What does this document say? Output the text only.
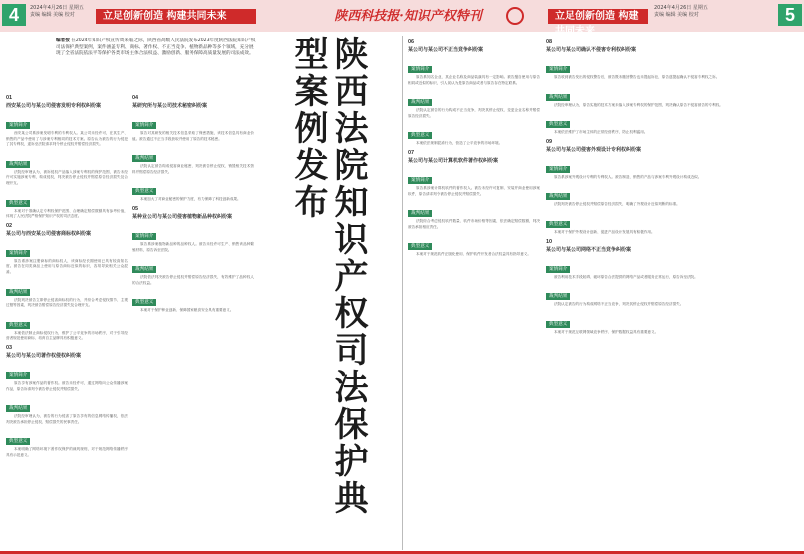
4	2024年4月26日 星期五
责编 编辑 美编 校对	立足创新创造 构建共同未来	陕西科技报·知识产权特刊	立足创新创造 构建共同未来
2024年4月26日 星期五
责编 编辑 美编 校对	5
编者按 在2024年知识产权宣传周来临之际，陕西省高级人民法院发布2023年度陕西法院知识产权司法保护典型案例，案件涵盖专利、商标、著作权、不正当竞争、植物新品种等多个领域，充分展现了全省法院依法平等保护各类市场主体合法权益、激励创新、服务保障高质量发展的司法成效。
01
西安某公司与某公司侵害发明专利权纠纷案
案情简介

西安某公司系涉案发明专利的专利权人。某公司未经许可，在其生产、销售的产品中使用了与涉案专利相同的技术方案。原告认为被告的行为侵犯了其专利权，遂诉至法院请求判令停止侵权并赔偿经济损失。

裁判结果

法院经审理认为，被诉侵权产品落入涉案专利权的保护范围，被告未经许可实施涉案专利，构成侵权，判决被告停止侵权并赔偿原告经济损失及合理开支。

典型意义

本案对于准确认定专利权保护范围、合理确定赔偿数额具有参考价值，体现了人民法院严格保护知识产权的司法态度。

02
某公司与西安某公司侵害商标权纠纷案
案情简介

原告系涉案注册商标的商标权人，该商标经长期使用已具有较高知名度。被告在同类商品上使用与原告商标近似的标识，容易导致相关公众混淆。

裁判结果

法院判决被告立即停止侵害商标权的行为，并综合考虑侵权情节、主观过错等因素，判决被告赔偿原告经济损失及合理开支。

典型意义

本案依法制止商标侵权行为，维护了公平竞争的市场秩序，对于引导经营者规范使用商标、培育自主品牌具有积极意义。

03
某公司与某公司著作权侵权纠纷案
案情简介

原告享有涉案作品的著作权。被告未经许可，通过网络向公众传播涉案作品，原告诉请判令被告停止侵权并赔偿损失。

裁判结果

法院经审理认为，被告的行为侵害了原告享有的信息网络传播权，依法判决被告承担停止侵权、赔偿损失的民事责任。

典型意义

本案明确了网络环境下著作权保护的裁判规则，对于规范网络传播秩序具有示范意义。

04
某研究所与某公司技术秘密纠纷案
案情简介

原告对其研发的相关技术信息采取了保密措施，该技术信息具有商业价值。被告通过不正当手段获取并使用了原告的技术秘密。

裁判结果

法院认定被告构成侵害商业秘密，判决被告停止侵权、销毁相关技术资料并赔偿原告经济损失。

典型意义

本案加大了对商业秘密的保护力度，有力保障了科技创新成果。

05
某种业公司与某公司侵害植物新品种权纠纷案
案情简介

原告系涉案植物新品种的品种权人。被告未经许可生产、销售该品种繁殖材料，原告诉至法院。

裁判结果

法院依法判决被告停止侵权并赔偿原告经济损失，有效维护了品种权人的合法权益。

典型意义

本案对于保护种业创新、保障国家粮食安全具有重要意义。	陕西法院知识产权司法保护典型案例发布	06
某公司与某公司不正当竞争纠纷案
案情简介

原告系知名企业，其企业名称及商品装潢具有一定影响。被告擅自使用与原告相同或近似的标识，引人误认为是原告商品或者与原告存在特定联系。

裁判结果

法院认定被告的行为构成不正当竞争，判决其停止侵权、变更企业名称并赔偿原告经济损失。

典型意义

本案依法规制混淆行为，营造了公平竞争的市场环境。

07
某公司与某公司计算机软件著作权纠纷案
案情简介

原告系涉案计算机软件的著作权人。被告未经许可复制、安装并商业使用涉案软件，原告请求判令被告停止侵权并赔偿损失。

裁判结果

法院综合考虑侵权软件数量、软件市场价格等因素，依法确定赔偿数额，判决被告承担相应责任。

典型意义

本案对于规范软件正版化使用、保护软件开发者合法权益具有指导意义。

08
某公司与某公司确认不侵害专利权纠纷案
案情简介

原告收到被告发出的侵权警告后，被告既未撤回警告也未提起诉讼，原告遂提起确认不侵害专利权之诉。

裁判结果

法院经审理认为，原告实施的技术方案未落入涉案专利权的保护范围，判决确认原告不侵害被告的专利权。

典型意义

本案依法维护了市场主体的正常经营秩序，防止权利滥用。

09
某公司与某公司侵害外观设计专利权纠纷案
案情简介

原告系涉案外观设计专利的专利权人。被告制造、销售的产品与涉案专利外观设计构成近似。

裁判结果

法院判决被告停止侵权并赔偿原告经济损失，明确了外观设计近似判断的标准。

典型意义

本案对于保护外观设计创新、促进产品设计发展具有积极作用。

10
某公司与某公司网络不正当竞争纠纷案
案情简介

被告利用技术手段妨碍、破坏原告合法提供的网络产品或者服务正常运行，原告诉至法院。

裁判结果

法院认定被告的行为构成网络不正当竞争，判决其停止侵权并赔偿原告经济损失。

典型意义

本案对于规范互联网领域竞争秩序、保护数据权益具有重要意义。
